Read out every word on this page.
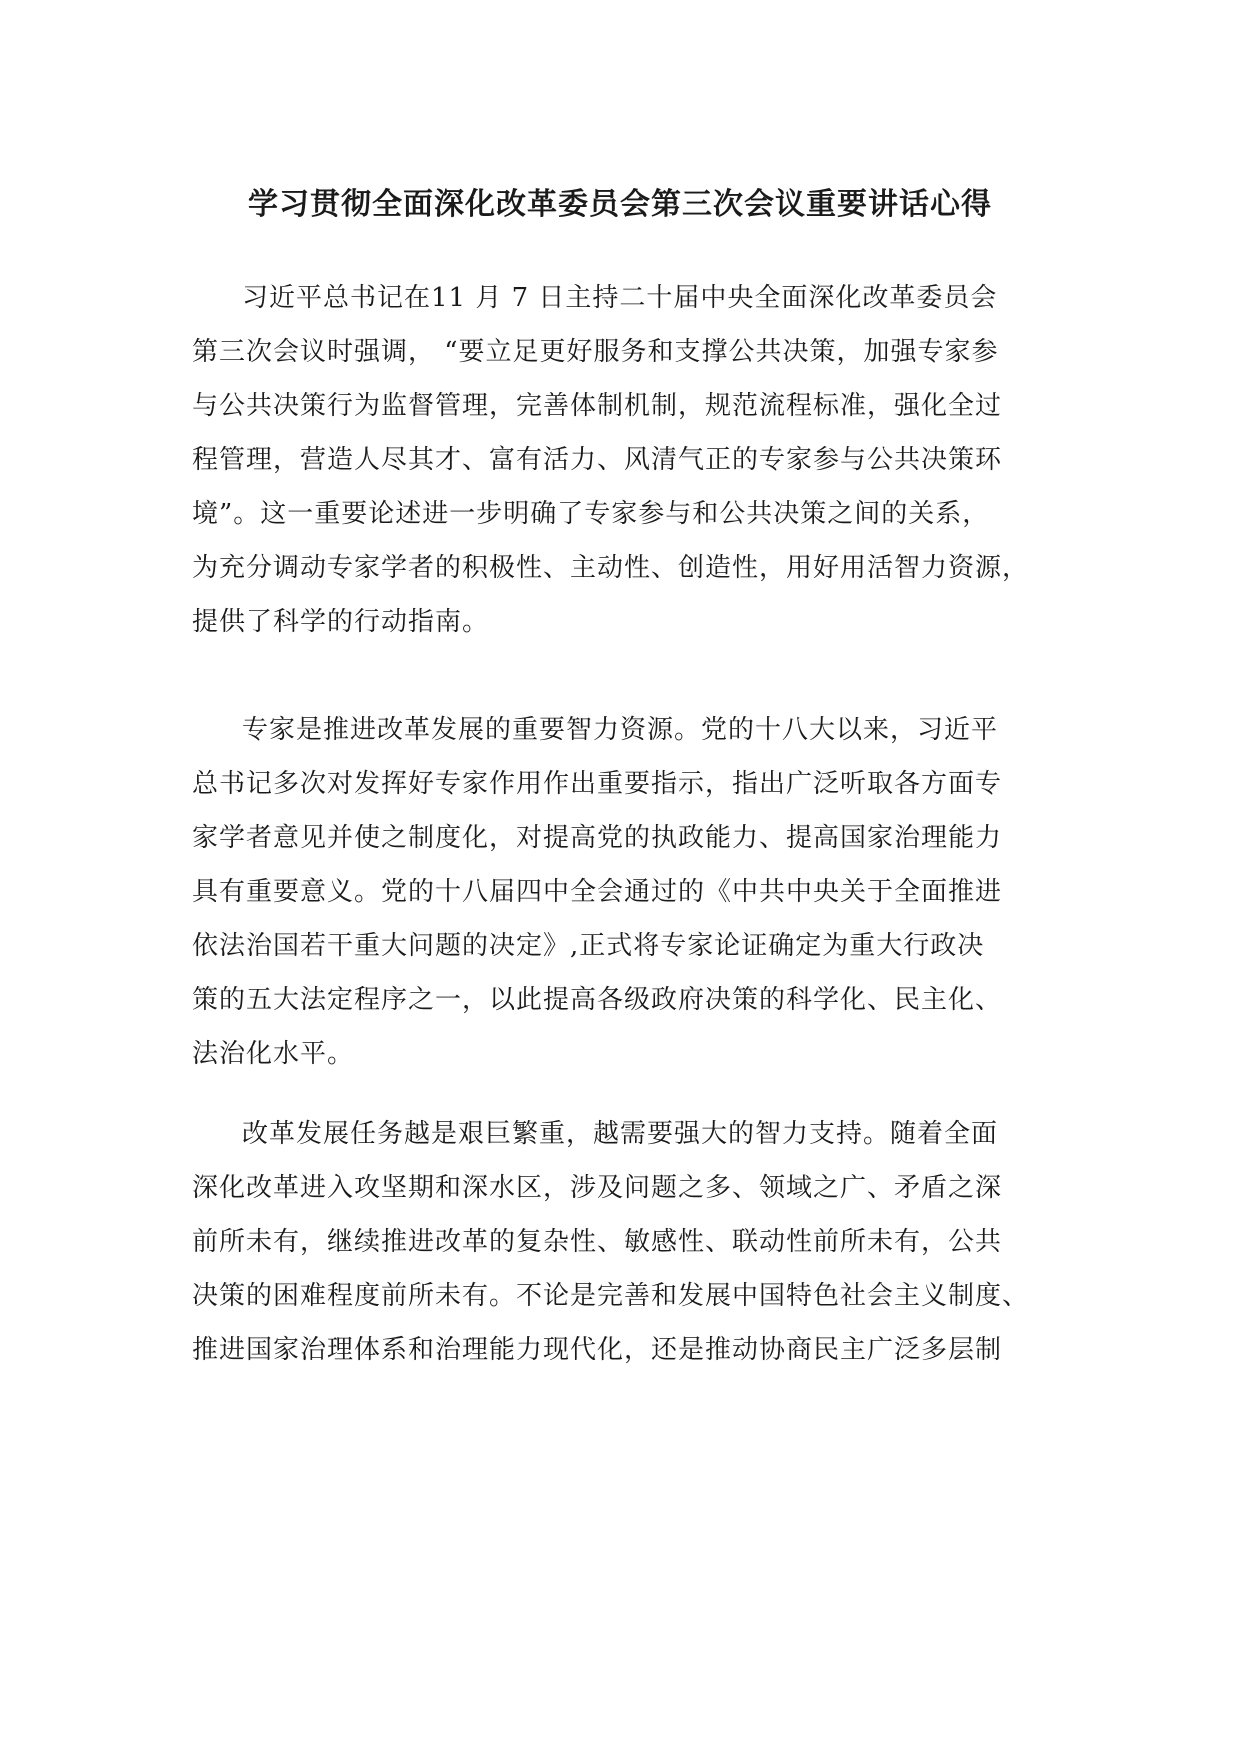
学习贯彻全面深化改革委员会第三次会议重要讲话心得
习近平总书记在11 月 7 日主持二十届中央全面深化改革委员会
第三次会议时强调， “要立足更好服务和支撑公共决策，加强专家参
与公共决策行为监督管理，完善体制机制，规范流程标准，强化全过
程管理，营造人尽其才、富有活力、风清气正的专家参与公共决策环
境”。这一重要论述进一步明确了专家参与和公共决策之间的关系，
为充分调动专家学者的积极性、主动性、创造性，用好用活智力资源，
提供了科学的行动指南。
专家是推进改革发展的重要智力资源。党的十八大以来，习近平
总书记多次对发挥好专家作用作出重要指示，指出广泛听取各方面专
家学者意见并使之制度化，对提高党的执政能力、提高国家治理能力
具有重要意义。党的十八届四中全会通过的《中共中央关于全面推进
依法治国若干重大问题的决定》,正式将专家论证确定为重大行政决
策的五大法定程序之一，以此提高各级政府决策的科学化、民主化、
法治化水平。
改革发展任务越是艰巨繁重，越需要强大的智力支持。随着全面
深化改革进入攻坚期和深水区，涉及问题之多、领域之广、矛盾之深
前所未有，继续推进改革的复杂性、敏感性、联动性前所未有，公共
决策的困难程度前所未有。不论是完善和发展中国特色社会主义制度、
推进国家治理体系和治理能力现代化，还是推动协商民主广泛多层制
